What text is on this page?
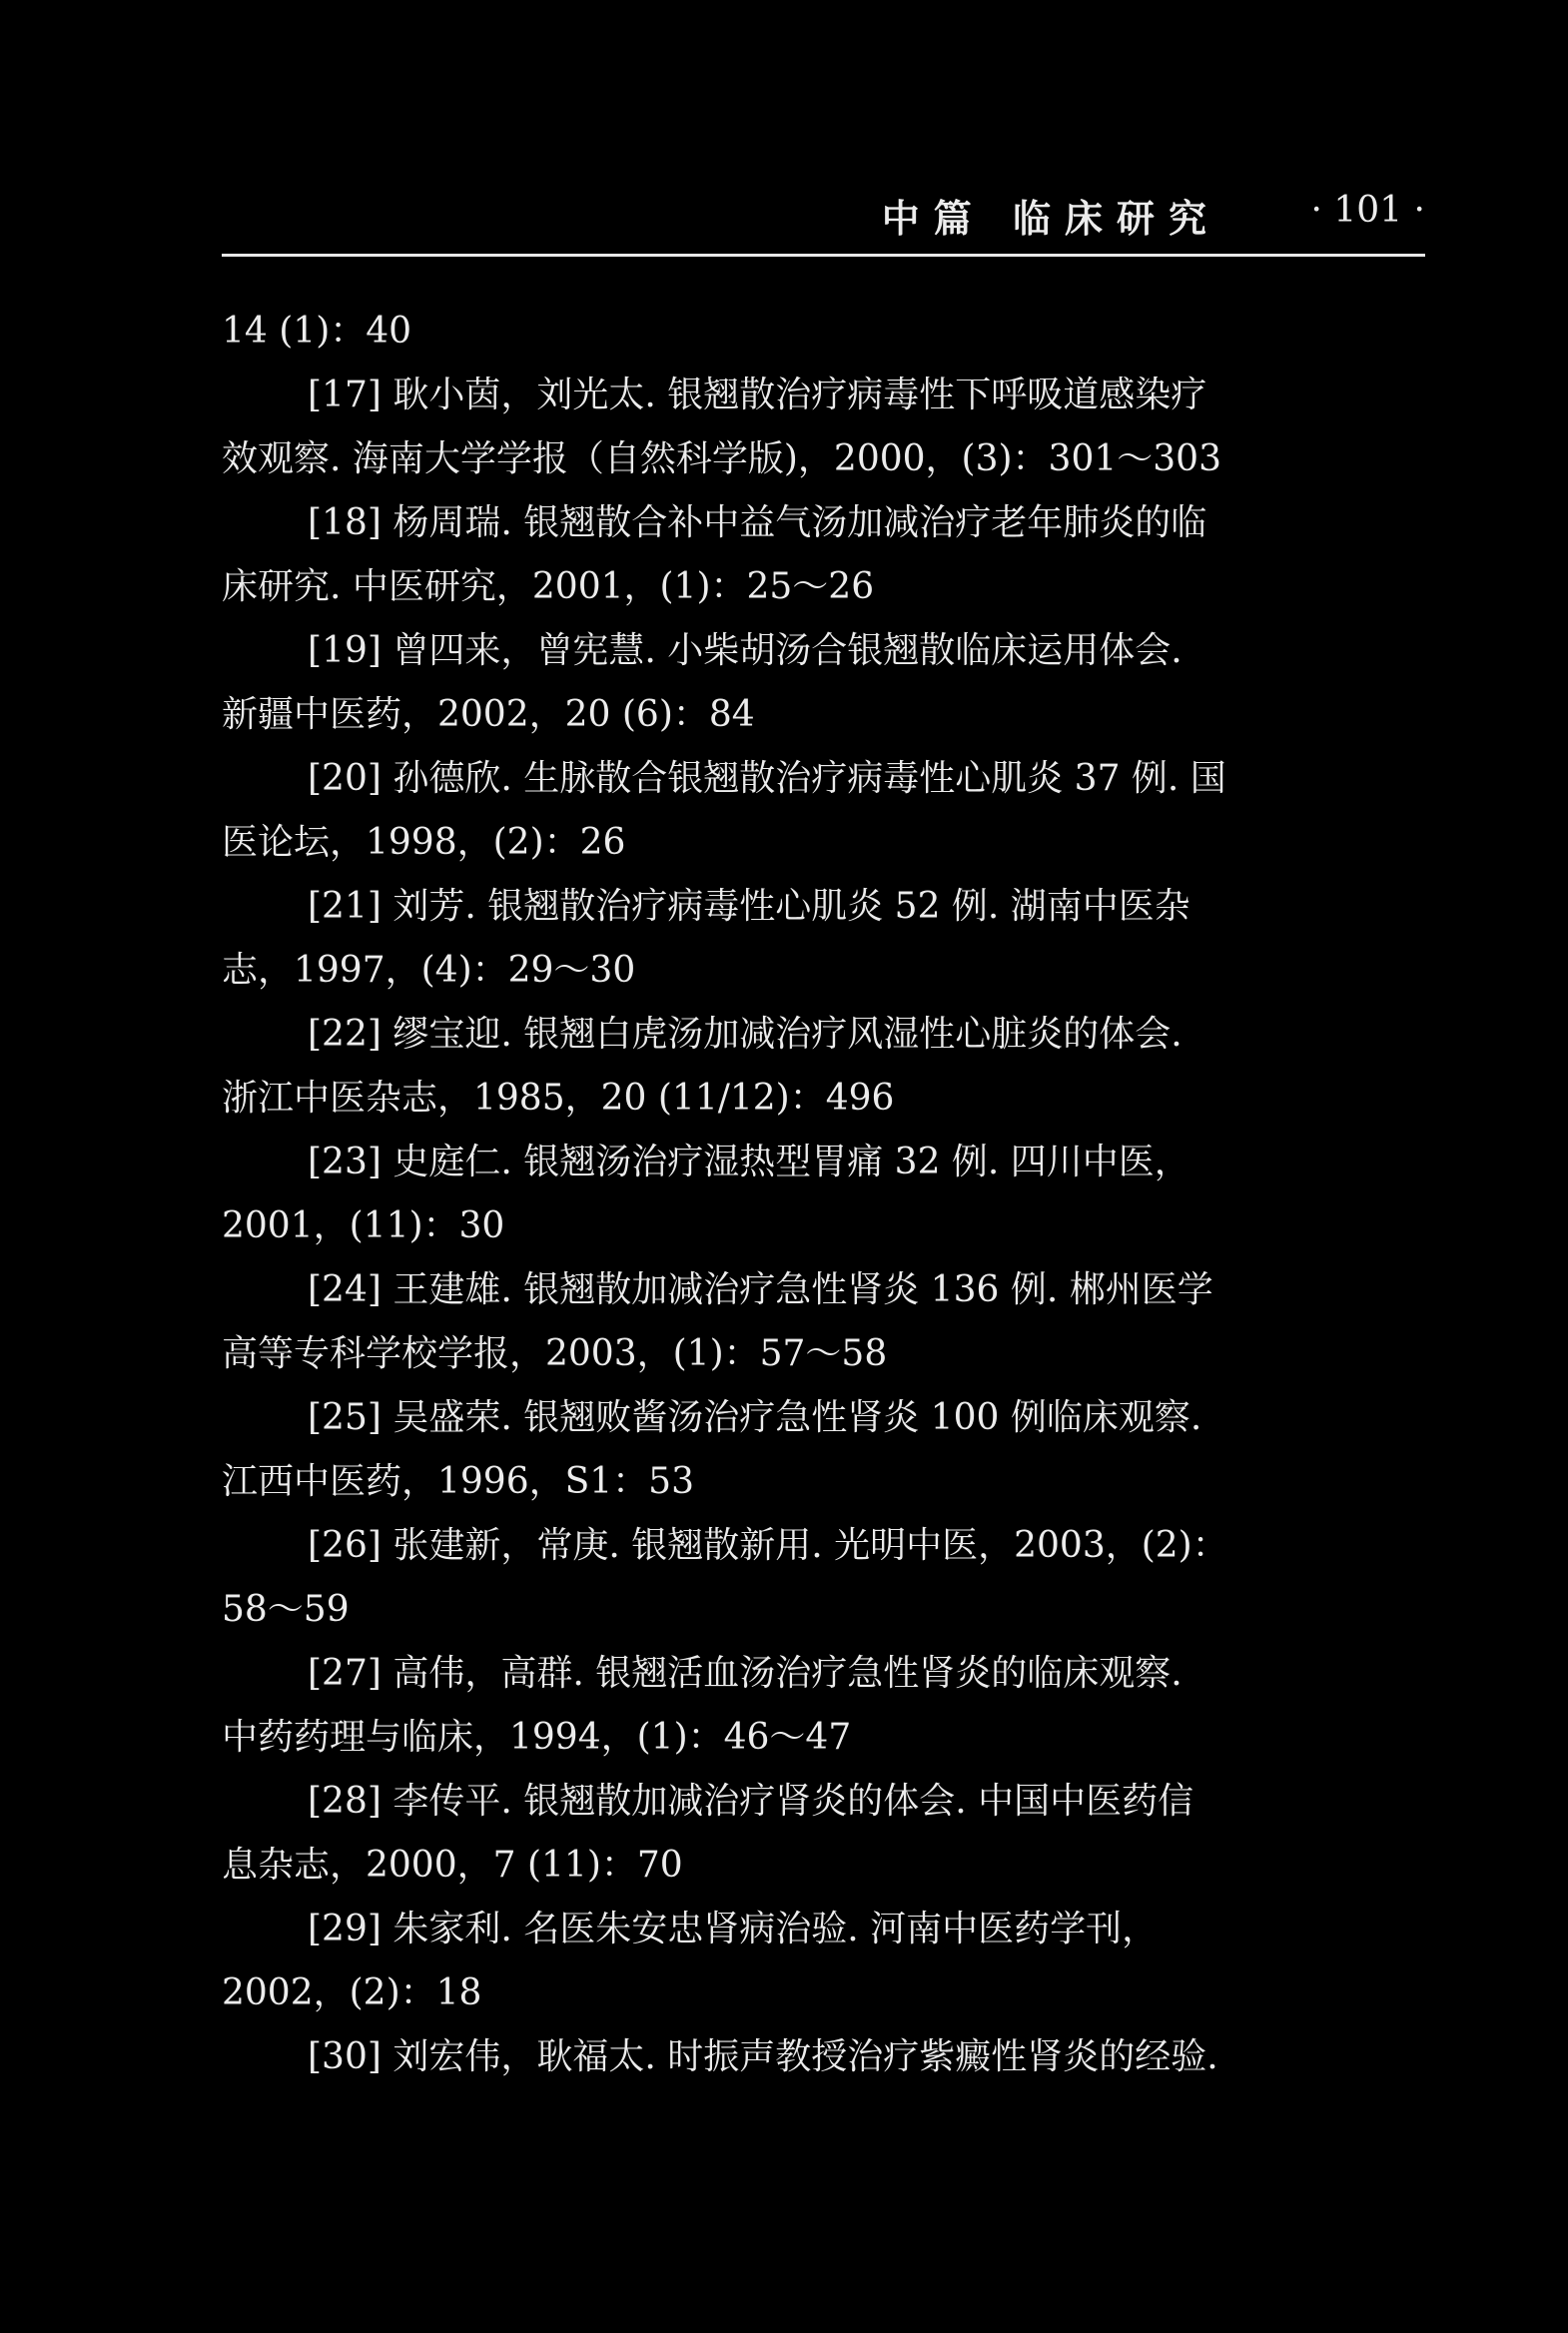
中篇 临床研究	· 101 ·
14 (1)：40
[17] 耿小茵，刘光太. 银翘散治疗病毒性下呼吸道感染疗
效观察. 海南大学学报（自然科学版)，2000，(3)：301～303
[18] 杨周瑞. 银翘散合补中益气汤加减治疗老年肺炎的临
床研究. 中医研究，2001，(1)：25～26
[19] 曾四来，曾宪慧. 小柴胡汤合银翘散临床运用体会.
新疆中医药，2002，20 (6)：84
[20] 孙德欣. 生脉散合银翘散治疗病毒性心肌炎 37 例. 国
医论坛，1998，(2)：26
[21] 刘芳. 银翘散治疗病毒性心肌炎 52 例. 湖南中医杂
志，1997，(4)：29～30
[22] 缪宝迎. 银翘白虎汤加减治疗风湿性心脏炎的体会.
浙江中医杂志，1985，20 (11/12)：496
[23] 史庭仁. 银翘汤治疗湿热型胃痛 32 例. 四川中医，
2001，(11)：30
[24] 王建雄. 银翘散加减治疗急性肾炎 136 例. 郴州医学
高等专科学校学报，2003，(1)：57～58
[25] 吴盛荣. 银翘败酱汤治疗急性肾炎 100 例临床观察.
江西中医药，1996，S1：53
[26] 张建新，常庚. 银翘散新用. 光明中医，2003，(2)：
58～59
[27] 高伟，高群. 银翘活血汤治疗急性肾炎的临床观察.
中药药理与临床，1994，(1)：46～47
[28] 李传平. 银翘散加减治疗肾炎的体会. 中国中医药信
息杂志，2000，7 (11)：70
[29] 朱家利. 名医朱安忠肾病治验. 河南中医药学刊，
2002，(2)：18
[30] 刘宏伟，耿福太. 时振声教授治疗紫癜性肾炎的经验.
